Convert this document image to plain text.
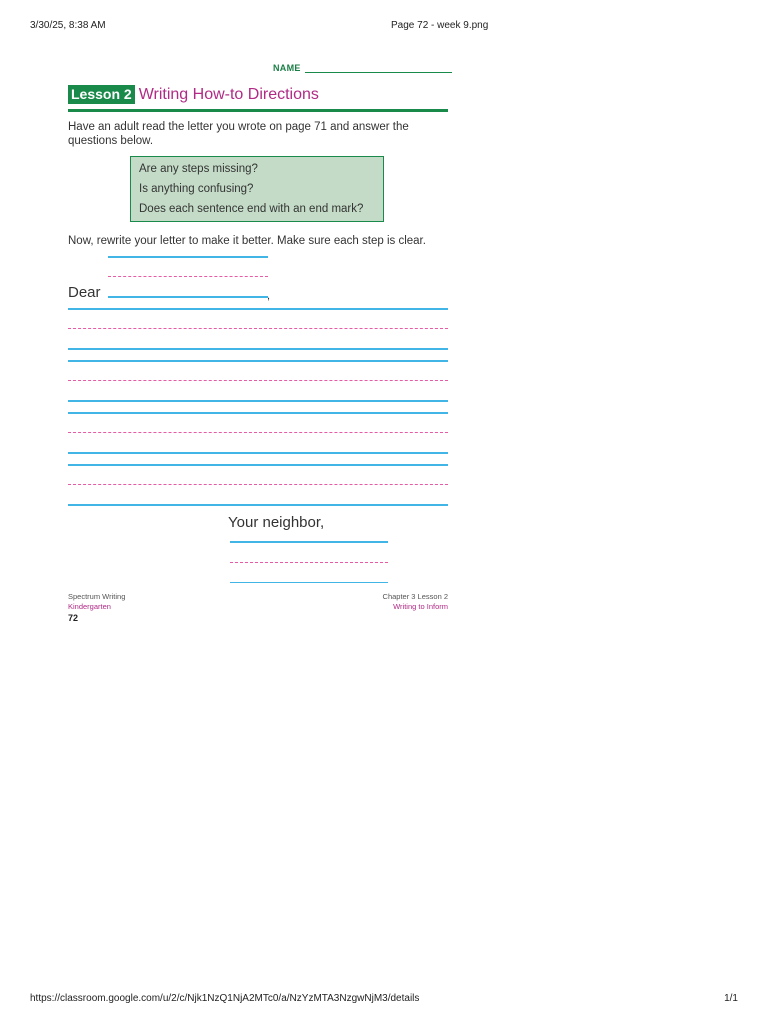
3/30/25, 8:38 AM	Page 72 - week 9.png
NAME
Lesson 2 Writing How-to Directions
Have an adult read the letter you wrote on page 71 and answer the questions below.
Are any steps missing?
Is anything confusing?
Does each sentence end with an end mark?
Now, rewrite your letter to make it better. Make sure each step is clear.
Dear	,
Your neighbor,
Spectrum Writing
Kindergarten
72
Chapter 3 Lesson 2
Writing to Inform
https://classroom.google.com/u/2/c/Njk1NzQ1NjA2MTc0/a/NzYzMTA3NzgwNjM3/details	1/1
